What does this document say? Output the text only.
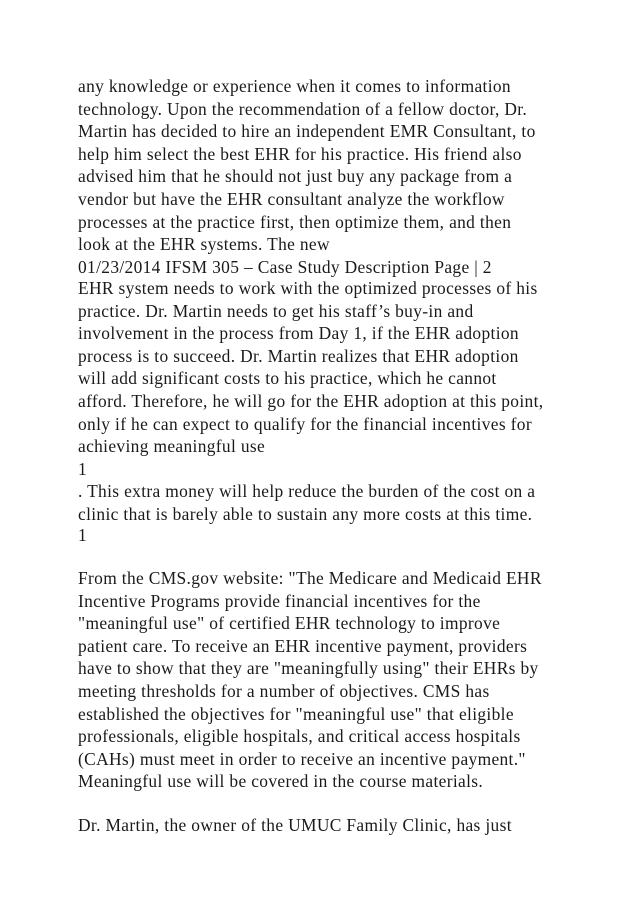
any knowledge or experience when it comes to information
technology. Upon the recommendation of a fellow doctor, Dr.
Martin has decided to hire an independent EMR Consultant, to
help him select the best EHR for his practice. His friend also
advised him that he should not just buy any package from a
vendor but have the EHR consultant analyze the workflow
processes at the practice first, then optimize them, and then
look at the EHR systems. The new
01/23/2014 IFSM 305 – Case Study Description Page | 2
EHR system needs to work with the optimized processes of his
practice. Dr. Martin needs to get his staff’s buy-in and
involvement in the process from Day 1, if the EHR adoption
process is to succeed. Dr. Martin realizes that EHR adoption
will add significant costs to his practice, which he cannot
afford. Therefore, he will go for the EHR adoption at this point,
only if he can expect to qualify for the financial incentives for
achieving meaningful use
1
. This extra money will help reduce the burden of the cost on a
clinic that is barely able to sustain any more costs at this time.
1
From the CMS.gov website: "The Medicare and Medicaid EHR
Incentive Programs provide financial incentives for the
"meaningful use" of certified EHR technology to improve
patient care. To receive an EHR incentive payment, providers
have to show that they are "meaningfully using" their EHRs by
meeting thresholds for a number of objectives. CMS has
established the objectives for "meaningful use" that eligible
professionals, eligible hospitals, and critical access hospitals
(CAHs) must meet in order to receive an incentive payment."
Meaningful use will be covered in the course materials.
Dr. Martin, the owner of the UMUC Family Clinic, has just
